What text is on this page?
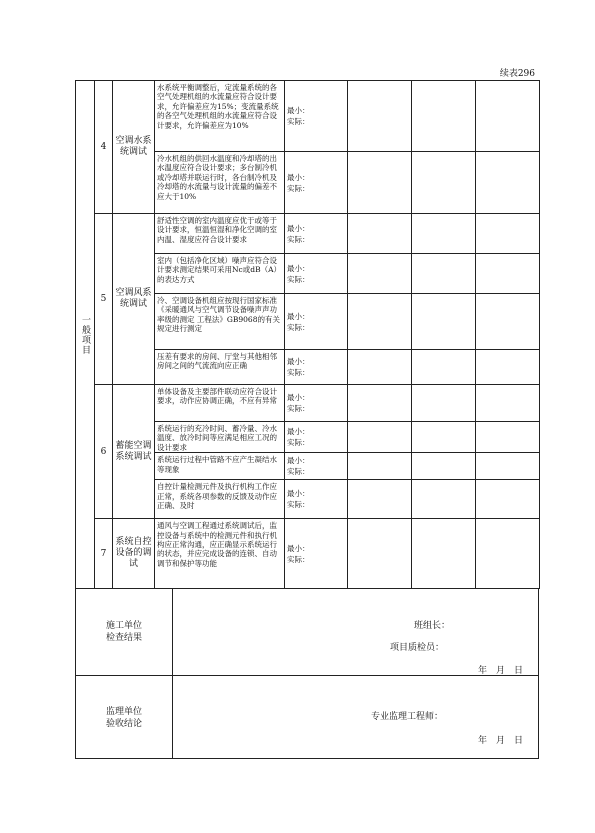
续表296
一般项目	4	空调水系统调试	水系统平衡调整后，定流量系统的各空气处理机组的水流量应符合设计要求，允许偏差应为15%；变流量系统的各空气处理机组的水流量应符合设计要求，允许偏差应为10%	最小：
实际：			

			冷水机组的供回水温度和冷却塔的出水温度应符合设计要求；多台制冷机或冷却塔并联运行时，各台制冷机及冷却塔的水流量与设计流量的偏差不应大于10%	最小：
实际：			

	5	空调风系统调试	舒适性空调的室内温度应优于或等于设计要求，恒温恒湿和净化空调的室内温、湿度应符合设计要求	最小：
实际：			

			室内（包括净化区域）噪声应符合设计要求测定结果可采用Nc或dB（A）的表达方式	最小：
实际：			

			冷、空调设备机组应按现行国家标准《采暖通风与空气调节设备噪声声功率级的测定 工程法》GB9068的有关规定进行测定	最小：
实际：			

			压差有要求的房间、厅堂与其他相邻房间之间的气流流向应正确	最小：
实际：			

	6	蓄能空调系统调试	单体设备及主要部件联动应符合设计要求，动作应协调正确，不应有异常	最小：
实际：			

			系统运行的充冷时间、蓄冷量、冷水温度、放冷时间等应满足相应工况的设计要求	最小：
实际：			

			系统运行过程中管路不应产生凝结水等现象	最小：
实际：			

			自控计量检测元件及执行机构工作应正常，系统各项参数的反馈及动作应正确、及时	最小：
实际：			

	7	系统自控设备的调试	通风与空调工程通过系统调试后，监控设备与系统中的检测元件和执行机构应正常沟通，应正确显示系统运行的状态，并应完成设备的连锁、自动调节和保护等功能	最小：
实际：			

施工单位检查结果
班组长：
项目质检员：
年　月　日
监理单位验收结论
专业监理工程师：
年　月　日
